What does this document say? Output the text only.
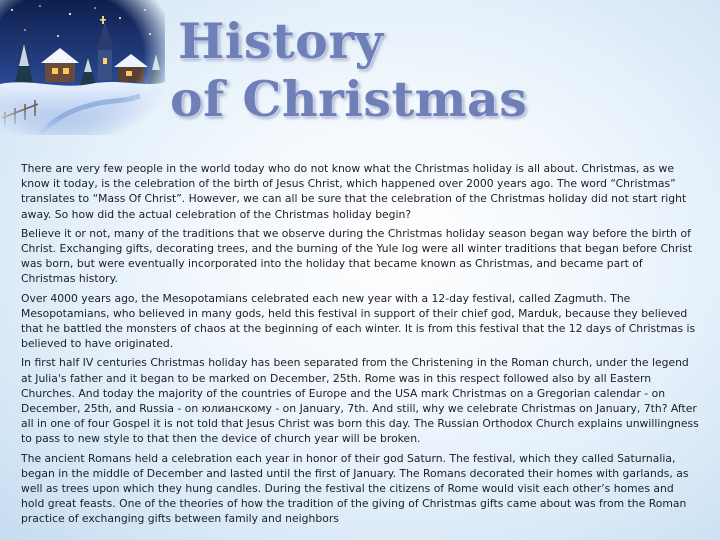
History
of Christmas

There are very few people in the world today who do not know what the Christmas holiday is all about. Christmas, as we know it today, is the celebration of the birth of Jesus Christ, which happened over 2000 years ago. The word “Christmas” translates to “Mass Of Christ”. However, we can all be sure that the celebration of the Christmas holiday did not start right away. So how did the actual celebration of the Christmas holiday begin?

Believe it or not, many of the traditions that we observe during the Christmas holiday season began way before the birth of Christ. Exchanging gifts, decorating trees, and the burning of the Yule log were all winter traditions that began before Christ was born, but were eventually incorporated into the holiday that became known as Christmas, and became part of Christmas history.

Over 4000 years ago, the Mesopotamians celebrated each new year with a 12-day festival, called Zagmuth. The Mesopotamians, who believed in many gods, held this festival in support of their chief god, Marduk, because they believed that he battled the monsters of chaos at the beginning of each winter. It is from this festival that the 12 days of Christmas is believed to have originated.

In first half IV centuries Christmas holiday has been separated from the Christening in the Roman church, under the legend at Julia's father and it began to be marked on December, 25th. Rome was in this respect followed also by all Eastern Churches. And today the majority of the countries of Europe and the USA mark Christmas on a Gregorian calendar - on December, 25th, and Russia - on юлианскому - on January, 7th. And still, why we celebrate Christmas on January, 7th? After all in one of four Gospel it is not told that Jesus Christ was born this day. The Russian Orthodox Church explains unwillingness to pass to new style to that then the device of church year will be broken.

The ancient Romans held a celebration each year in honor of their god Saturn. The festival, which they called Saturnalia, began in the middle of December and lasted until the first of January. The Romans decorated their homes with garlands, as well as trees upon which they hung candles. During the festival the citizens of Rome would visit each other’s homes and hold great feasts. One of the theories of how the tradition of the giving of Christmas gifts came about was from the Roman practice of exchanging gifts between family and neighbors
